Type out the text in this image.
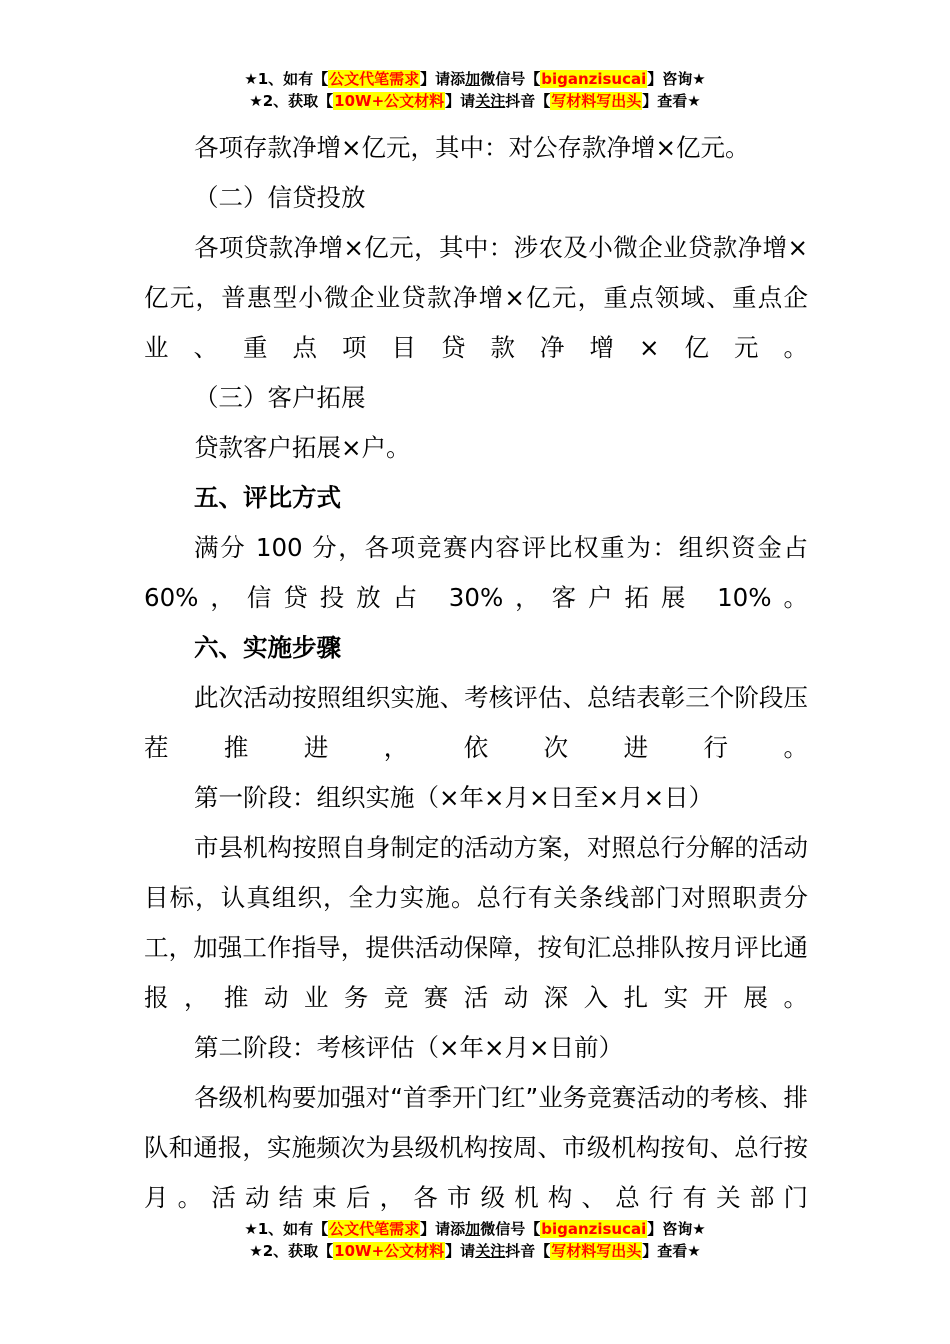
★1、如有【公文代笔需求】请添加微信号【biganzisucai】咨询★
★2、获取【10W+公文材料】请关注抖音【写材料写出头】查看★

各项存款净增×亿元，其中：对公存款净增×亿元。

（二）信贷投放

各项贷款净增×亿元，其中：涉农及小微企业贷款净增×亿元，普惠型小微企业贷款净增×亿元，重点领域、重点企业、重点项目贷款净增×亿元。

（三）客户拓展

贷款客户拓展×户。

五、评比方式

满分 100 分，各项竞赛内容评比权重为：组织资金占 60%，信贷投放占 30%，客户拓展 10%。

六、实施步骤

此次活动按照组织实施、考核评估、总结表彰三个阶段压茬推进，依次进行。

第一阶段：组织实施（×年×月×日至×月×日）

市县机构按照自身制定的活动方案，对照总行分解的活动目标，认真组织，全力实施。总行有关条线部门对照职责分工，加强工作指导，提供活动保障，按旬汇总排队按月评比通报，推动业务竞赛活动深入扎实开展。

第二阶段：考核评估（×年×月×日前）

各级机构要加强对“首季开门红”业务竞赛活动的考核、排队和通报，实施频次为县级机构按周、市级机构按旬、总行按月。活动结束后，各市级机构、总行有关部门

★1、如有【公文代笔需求】请添加微信号【biganzisucai】咨询★
★2、获取【10W+公文材料】请关注抖音【写材料写出头】查看★
